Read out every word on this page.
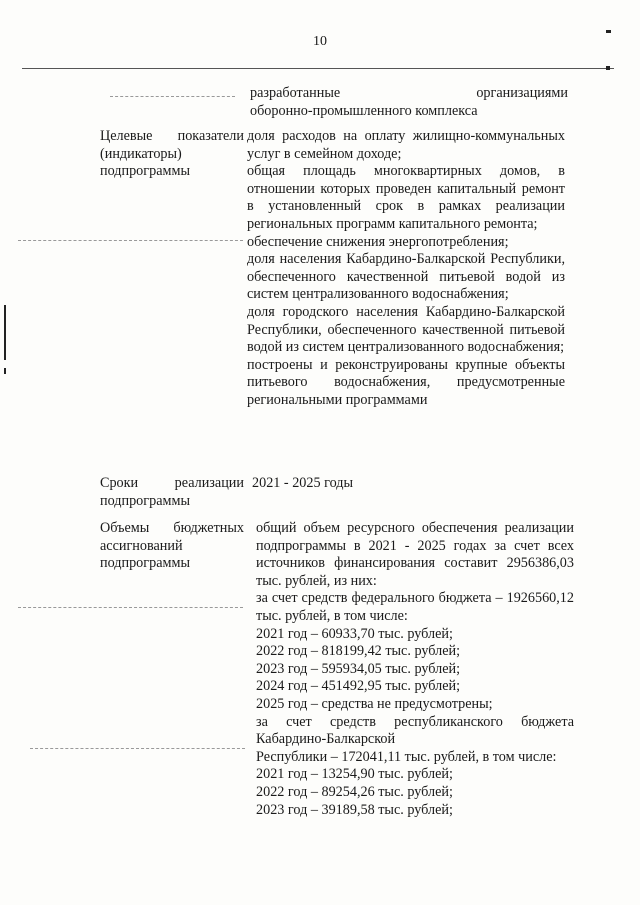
10

разработанные организациями

оборонно-промышленного комплекса

Целевые показатели (индикаторы) подпрограммы

доля расходов на оплату жилищно-коммунальных услуг в семейном доходе;

общая площадь многоквартирных домов, в отношении которых проведен капитальный ремонт в установленный срок в рамках реализации региональных программ капитального ремонта;

обеспечение снижения энергопотребления;

доля населения Кабардино-Балкарской Республики, обеспеченного качественной питьевой водой из систем централизованного водоснабжения;

доля городского населения Кабардино-Балкарской Республики, обеспеченного качественной питьевой водой из систем централизованного водоснабжения;

построены и реконструированы крупные объекты питьевого водоснабжения, предусмотренные региональными программами

Сроки реализации подпрограммы

2021 - 2025 годы

Объемы бюджетных ассигнований подпрограммы

общий объем ресурсного обеспечения реализации подпрограммы в 2021 - 2025 годах за счет всех источников финансирования составит 2956386,03 тыс. рублей, из них:

за счет средств федерального бюджета – 1926560,12 тыс. рублей, в том числе:

2021 год – 60933,70 тыс. рублей;

2022 год – 818199,42 тыс. рублей;

2023 год – 595934,05 тыс. рублей;

2024 год – 451492,95 тыс. рублей;

2025 год – средства не предусмотрены;

за счет средств республиканского бюджета Кабардино-Балкарской

Республики – 172041,11 тыс. рублей, в том числе:

2021 год – 13254,90 тыс. рублей;

2022 год – 89254,26 тыс. рублей;

2023 год – 39189,58 тыс. рублей;
